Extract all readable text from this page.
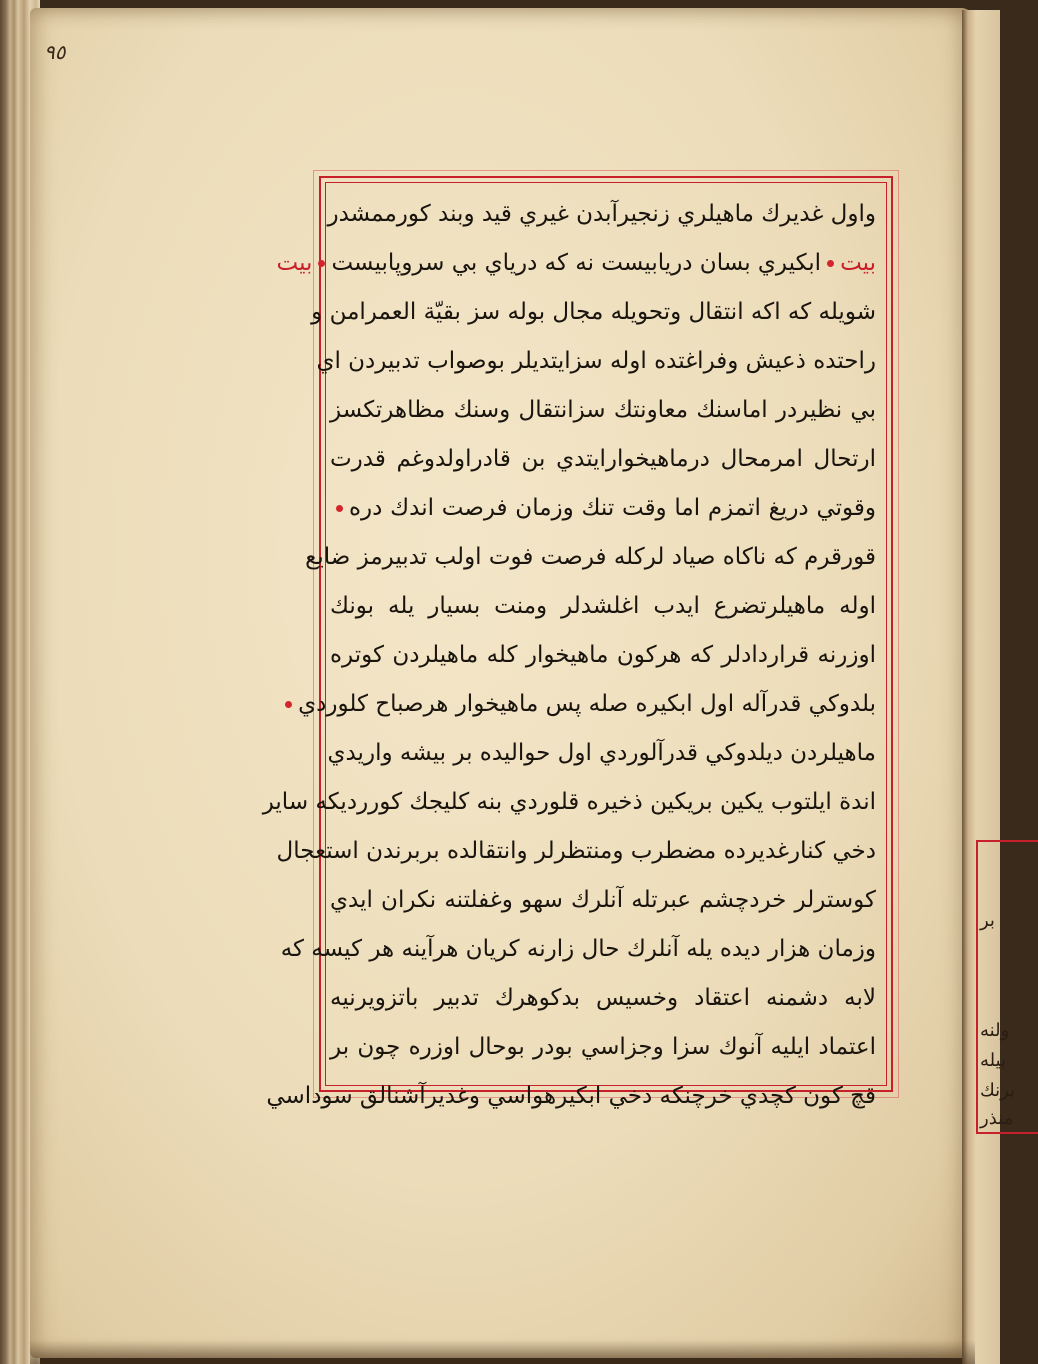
بر
ولنه
بيله
برنك
منذر
٩٥
واول غديرك ماهيلري زنجيرآبدن غيري قيد وبند كورممشدر
بيتابكيري بسان دريابيست نه كه درياي بي سروپابيستبيت
شويله كه اكه انتقال وتحويله مجال بوله سز بقيّة العمرامن و
راحتده ذعيش وفراغتده اوله سزايتديلر بوصواب تدبيردن اي
بي نظيردر اماسنك معاونتك سزانتقال وسنك مظاهرتكسز
ارتحال امرمحال درماهيخوارايتدي بن قادراولدوغم قدرت
وقوتي دريغ اتمزم اما وقت تنك وزمان فرصت اندك دره
قورقرم كه ناكاه صياد لركله فرصت فوت اولب تدبيرمز ضايع
اوله ماهيلرتضرع ايدب اغلشدلر ومنت بسيار يله بونك
اوزرنه قراردادلر كه هركون ماهيخوار كله ماهيلردن كوتره
بلدوكي قدرآله اول ابكيره صله پس ماهيخوار هرصباح كلوردي
ماهيلردن ديلدوكي قدرآلوردي اول حواليده بر بيشه واريدي
اندة ايلتوب يكين بريكين ذخيره قلوردي بنه كليجك كوررديكه ساير
دخي كنارغديرده مضطرب ومنتظرلر وانتقالده بربرندن استعجال
كوسترلر خردچشم عبرتله آنلرك سهو وغفلتنه نكران ايدي
وزمان هزار ديده يله آنلرك حال زارنه كريان هرآينه هر كيسه كه
لابه دشمنه اعتقاد وخسيس بدكوهرك تدبير باتزويرنيه
اعتماد ايليه آنوك سزا وجزاسي بودر بوحال اوزره چون بر
قچ كون كچدي خرچنكه دخي ابكيرهواسي وغديرآشنالق سوداسي
